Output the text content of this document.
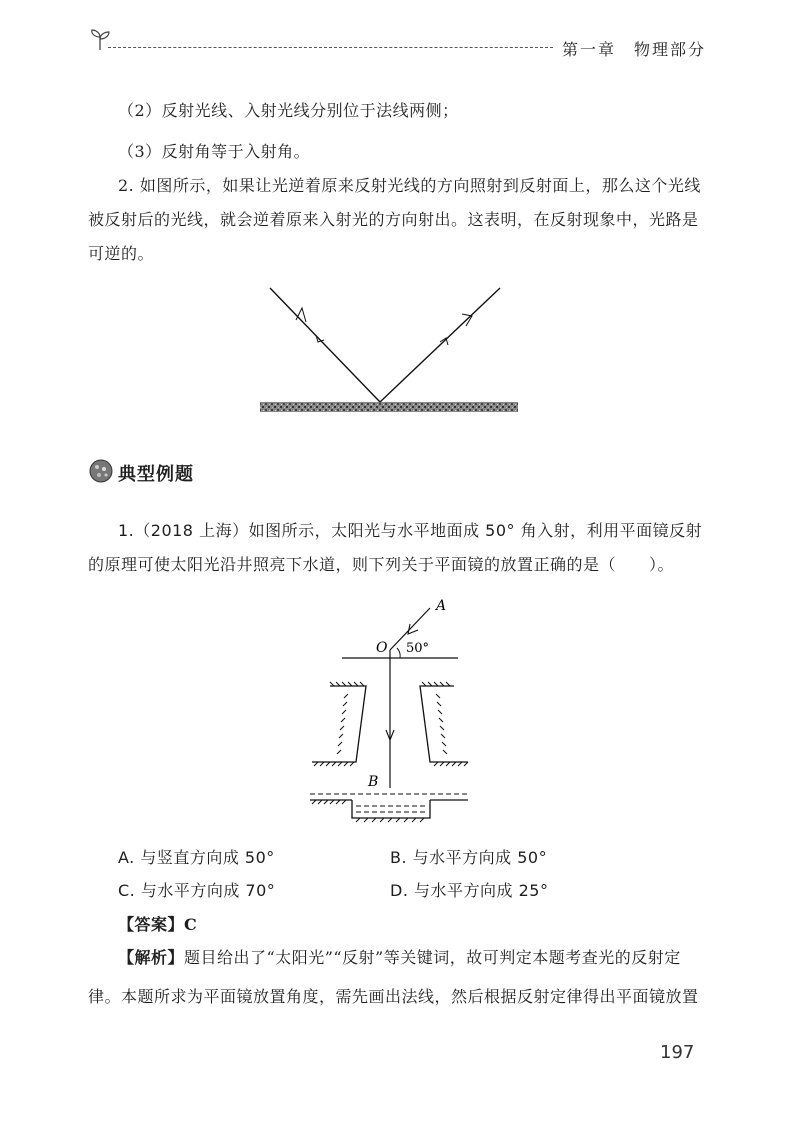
第一章　物理部分
（2）反射光线、入射光线分别位于法线两侧；
（3）反射角等于入射角。
2. 如图所示，如果让光逆着原来反射光线的方向照射到反射面上，那么这个光线
被反射后的光线，就会逆着原来入射光的方向射出。这表明，在反射现象中，光路是
可逆的。
典型例题
1.（2018 上海）如图所示，太阳光与水平地面成 50° 角入射，利用平面镜反射
的原理可使太阳光沿井照亮下水道，则下列关于平面镜的放置正确的是（　　）。
A
O 50°
B
A. 与竖直方向成 50°	B. 与水平方向成 50°
C. 与水平方向成 70°	D. 与水平方向成 25°
【答案】C
【解析】题目给出了“太阳光”“反射”等关键词，故可判定本题考查光的反射定
律。本题所求为平面镜放置角度，需先画出法线，然后根据反射定律得出平面镜放置
197
